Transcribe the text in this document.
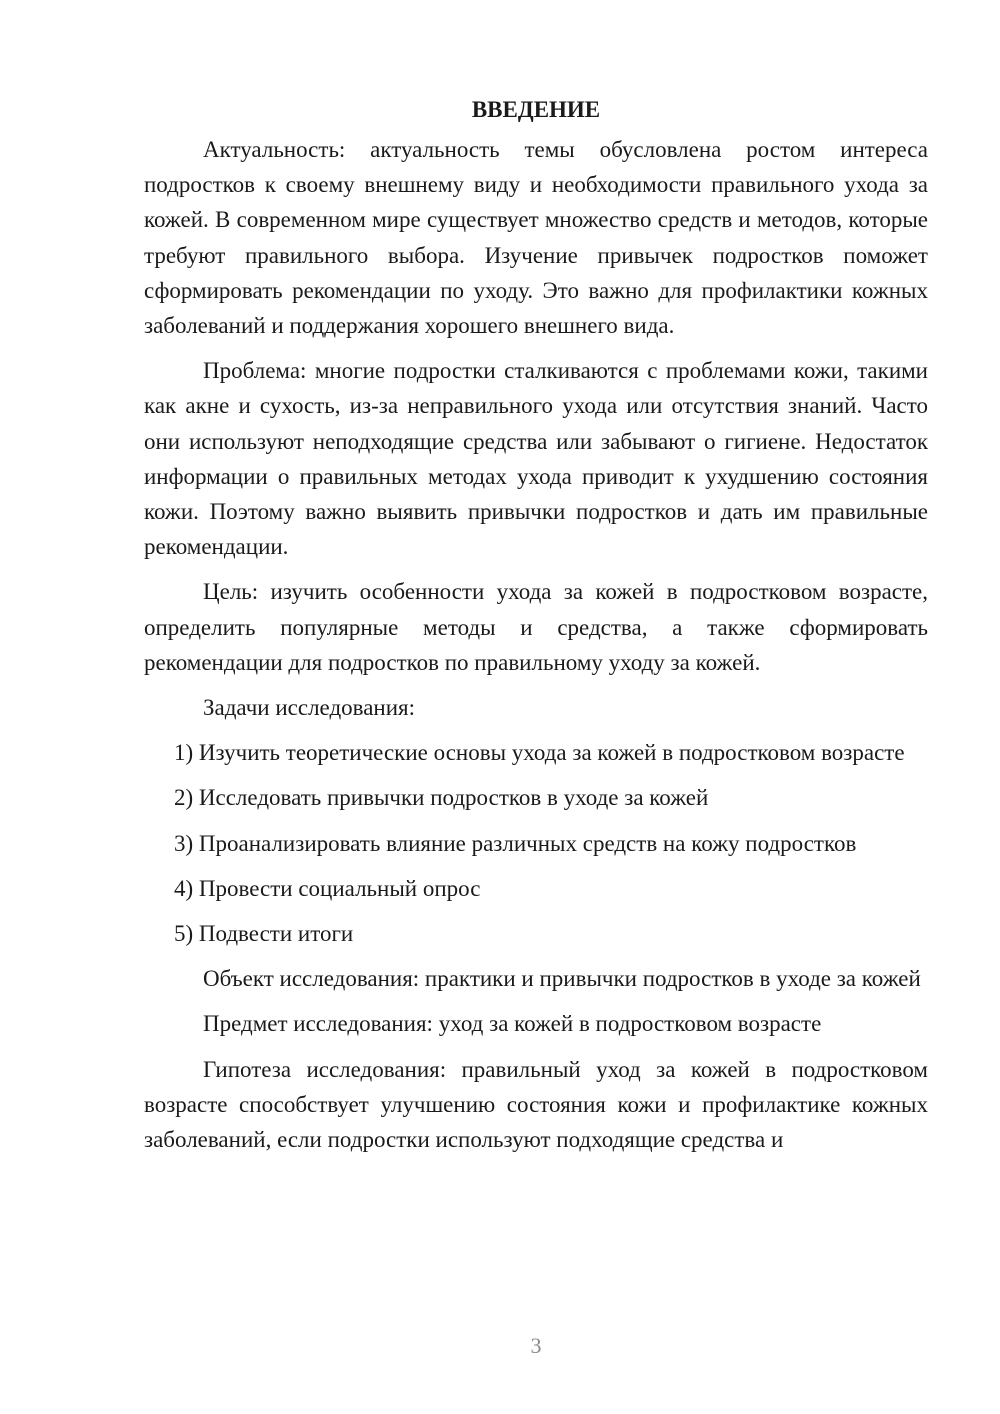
ВВЕДЕНИЕ

Актуальность: актуальность темы обусловлена ростом интереса подростков к своему внешнему виду и необходимости правильного ухода за кожей. В современном мире существует множество средств и методов, которые требуют правильного выбора. Изучение привычек подростков поможет сформировать рекомендации по уходу. Это важно для профилактики кожных заболеваний и поддержания хорошего внешнего вида.

Проблема: многие подростки сталкиваются с проблемами кожи, такими как акне и сухость, из-за неправильного ухода или отсутствия знаний. Часто они используют неподходящие средства или забывают о гигиене. Недостаток информации о правильных методах ухода приводит к ухудшению состояния кожи. Поэтому важно выявить привычки подростков и дать им правильные рекомендации.

Цель: изучить особенности ухода за кожей в подростковом возрасте, определить популярные методы и средства, а также сформировать рекомендации для подростков по правильному уходу за кожей.

Задачи исследования:

1) Изучить теоретические основы ухода за кожей в подростковом возрасте

2) Исследовать привычки подростков в уходе за кожей

3) Проанализировать влияние различных средств на кожу подростков

4) Провести социальный опрос

5) Подвести итоги

Объект исследования: практики и привычки подростков в уходе за кожей

Предмет исследования: уход за кожей в подростковом возрасте

Гипотеза исследования: правильный уход за кожей в подростковом возрасте способствует улучшению состояния кожи и профилактике кожных заболеваний, если подростки используют подходящие средства и

3
